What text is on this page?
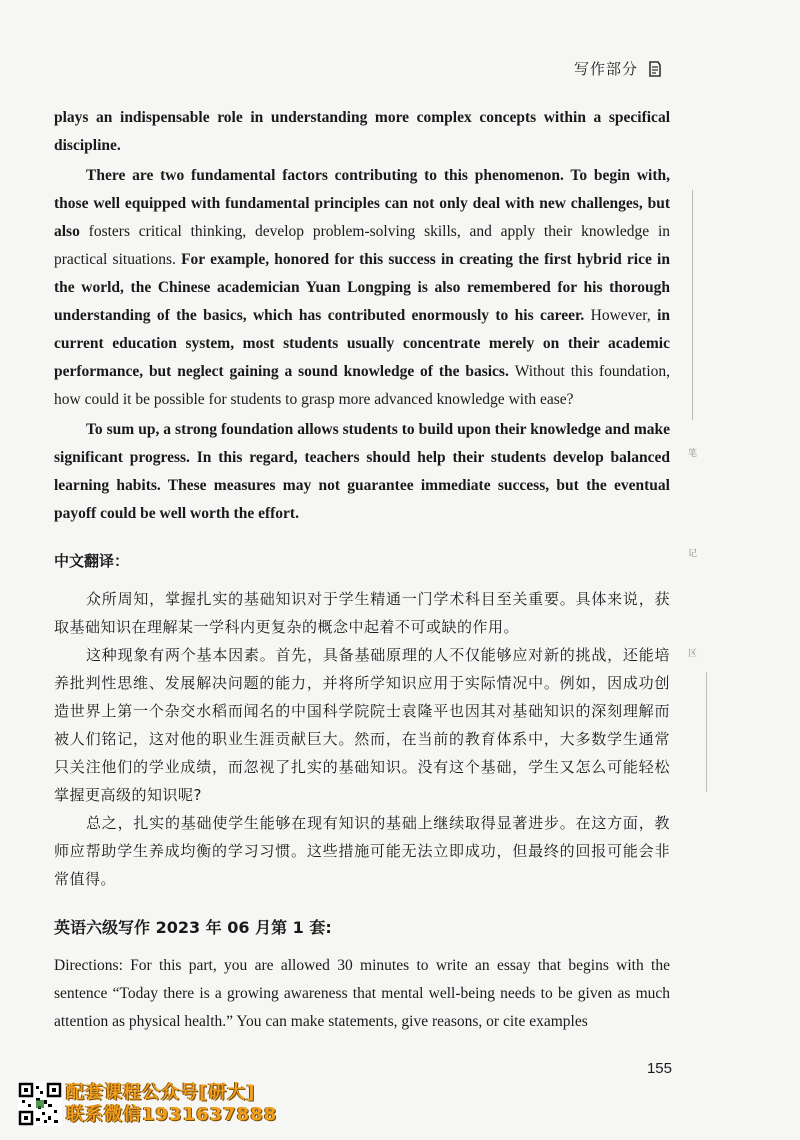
写作部分

plays an indispensable role in understanding more complex concepts within a specifical discipline.

There are two fundamental factors contributing to this phenomenon. To begin with, those well equipped with fundamental principles can not only deal with new challenges, but also fosters critical thinking, develop problem-solving skills, and apply their knowledge in practical situations. For example, honored for this success in creating the first hybrid rice in the world, the Chinese academician Yuan Longping is also remembered for his thorough understanding of the basics, which has contributed enormously to his career. However, in current education system, most students usually concentrate merely on their academic performance, but neglect gaining a sound knowledge of the basics. Without this foundation, how could it be possible for students to grasp more advanced knowledge with ease?

To sum up, a strong foundation allows students to build upon their knowledge and make significant progress. In this regard, teachers should help their students develop balanced learning habits. These measures may not guarantee immediate success, but the eventual payoff could be well worth the effort.

中文翻译：

众所周知，掌握扎实的基础知识对于学生精通一门学术科目至关重要。具体来说，获取基础知识在理解某一学科内更复杂的概念中起着不可或缺的作用。

这种现象有两个基本因素。首先，具备基础原理的人不仅能够应对新的挑战，还能培养批判性思维、发展解决问题的能力，并将所学知识应用于实际情况中。例如，因成功创造世界上第一个杂交水稻而闻名的中国科学院院士袁隆平也因其对基础知识的深刻理解而被人们铭记，这对他的职业生涯贡献巨大。然而，在当前的教育体系中，大多数学生通常只关注他们的学业成绩，而忽视了扎实的基础知识。没有这个基础，学生又怎么可能轻松掌握更高级的知识呢?

总之，扎实的基础使学生能够在现有知识的基础上继续取得显著进步。在这方面，教师应帮助学生养成均衡的学习习惯。这些措施可能无法立即成功，但最终的回报可能会非常值得。

英语六级写作 2023 年 06 月第 1 套:

Directions: For this part, you are allowed 30 minutes to write an essay that begins with the sentence “Today there is a growing awareness that mental well-being needs to be given as much attention as physical health.” You can make statements, give reasons, or cite examples

笔
记
区
155
配套课程公众号[研大]
联系微信1931637888
